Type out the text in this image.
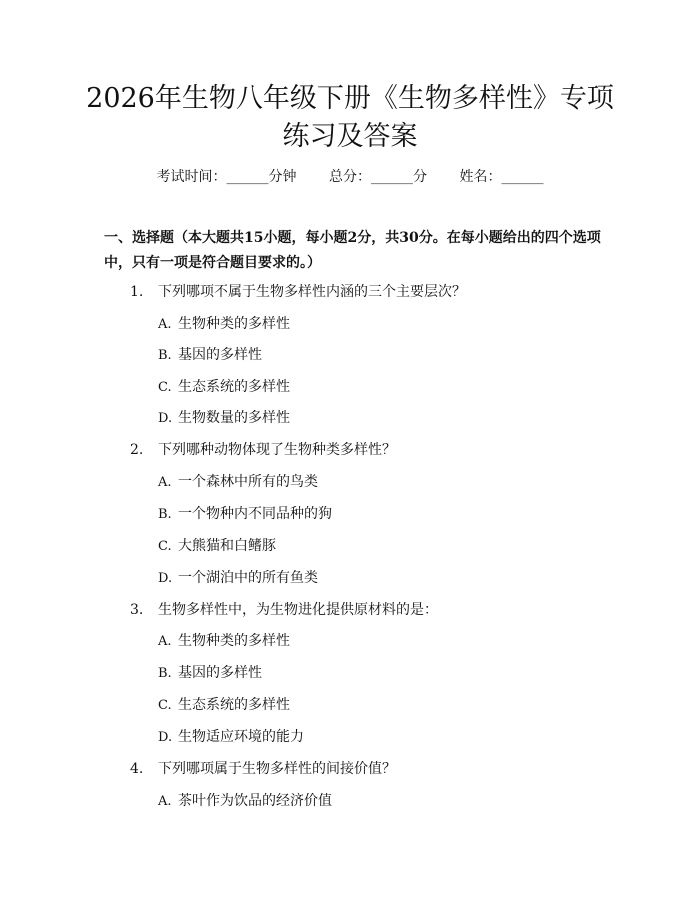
2026年生物八年级下册《生物多样性》专项
练习及答案
考试时间：______分钟 总分：______分 姓名：______

一、选择题（本大题共15小题，每小题2分，共30分。在每小题给出的四个选项中，只有一项是符合题目要求的。）

1. 下列哪项不属于生物多样性内涵的三个主要层次？
A. 生物种类的多样性
B. 基因的多样性
C. 生态系统的多样性
D. 生物数量的多样性
2. 下列哪种动物体现了生物种类多样性？
A. 一个森林中所有的鸟类
B. 一个物种内不同品种的狗
C. 大熊猫和白鳍豚
D. 一个湖泊中的所有鱼类
3. 生物多样性中，为生物进化提供原材料的是：
A. 生物种类的多样性
B. 基因的多样性
C. 生态系统的多样性
D. 生物适应环境的能力
4. 下列哪项属于生物多样性的间接价值？
A. 茶叶作为饮品的经济价值
